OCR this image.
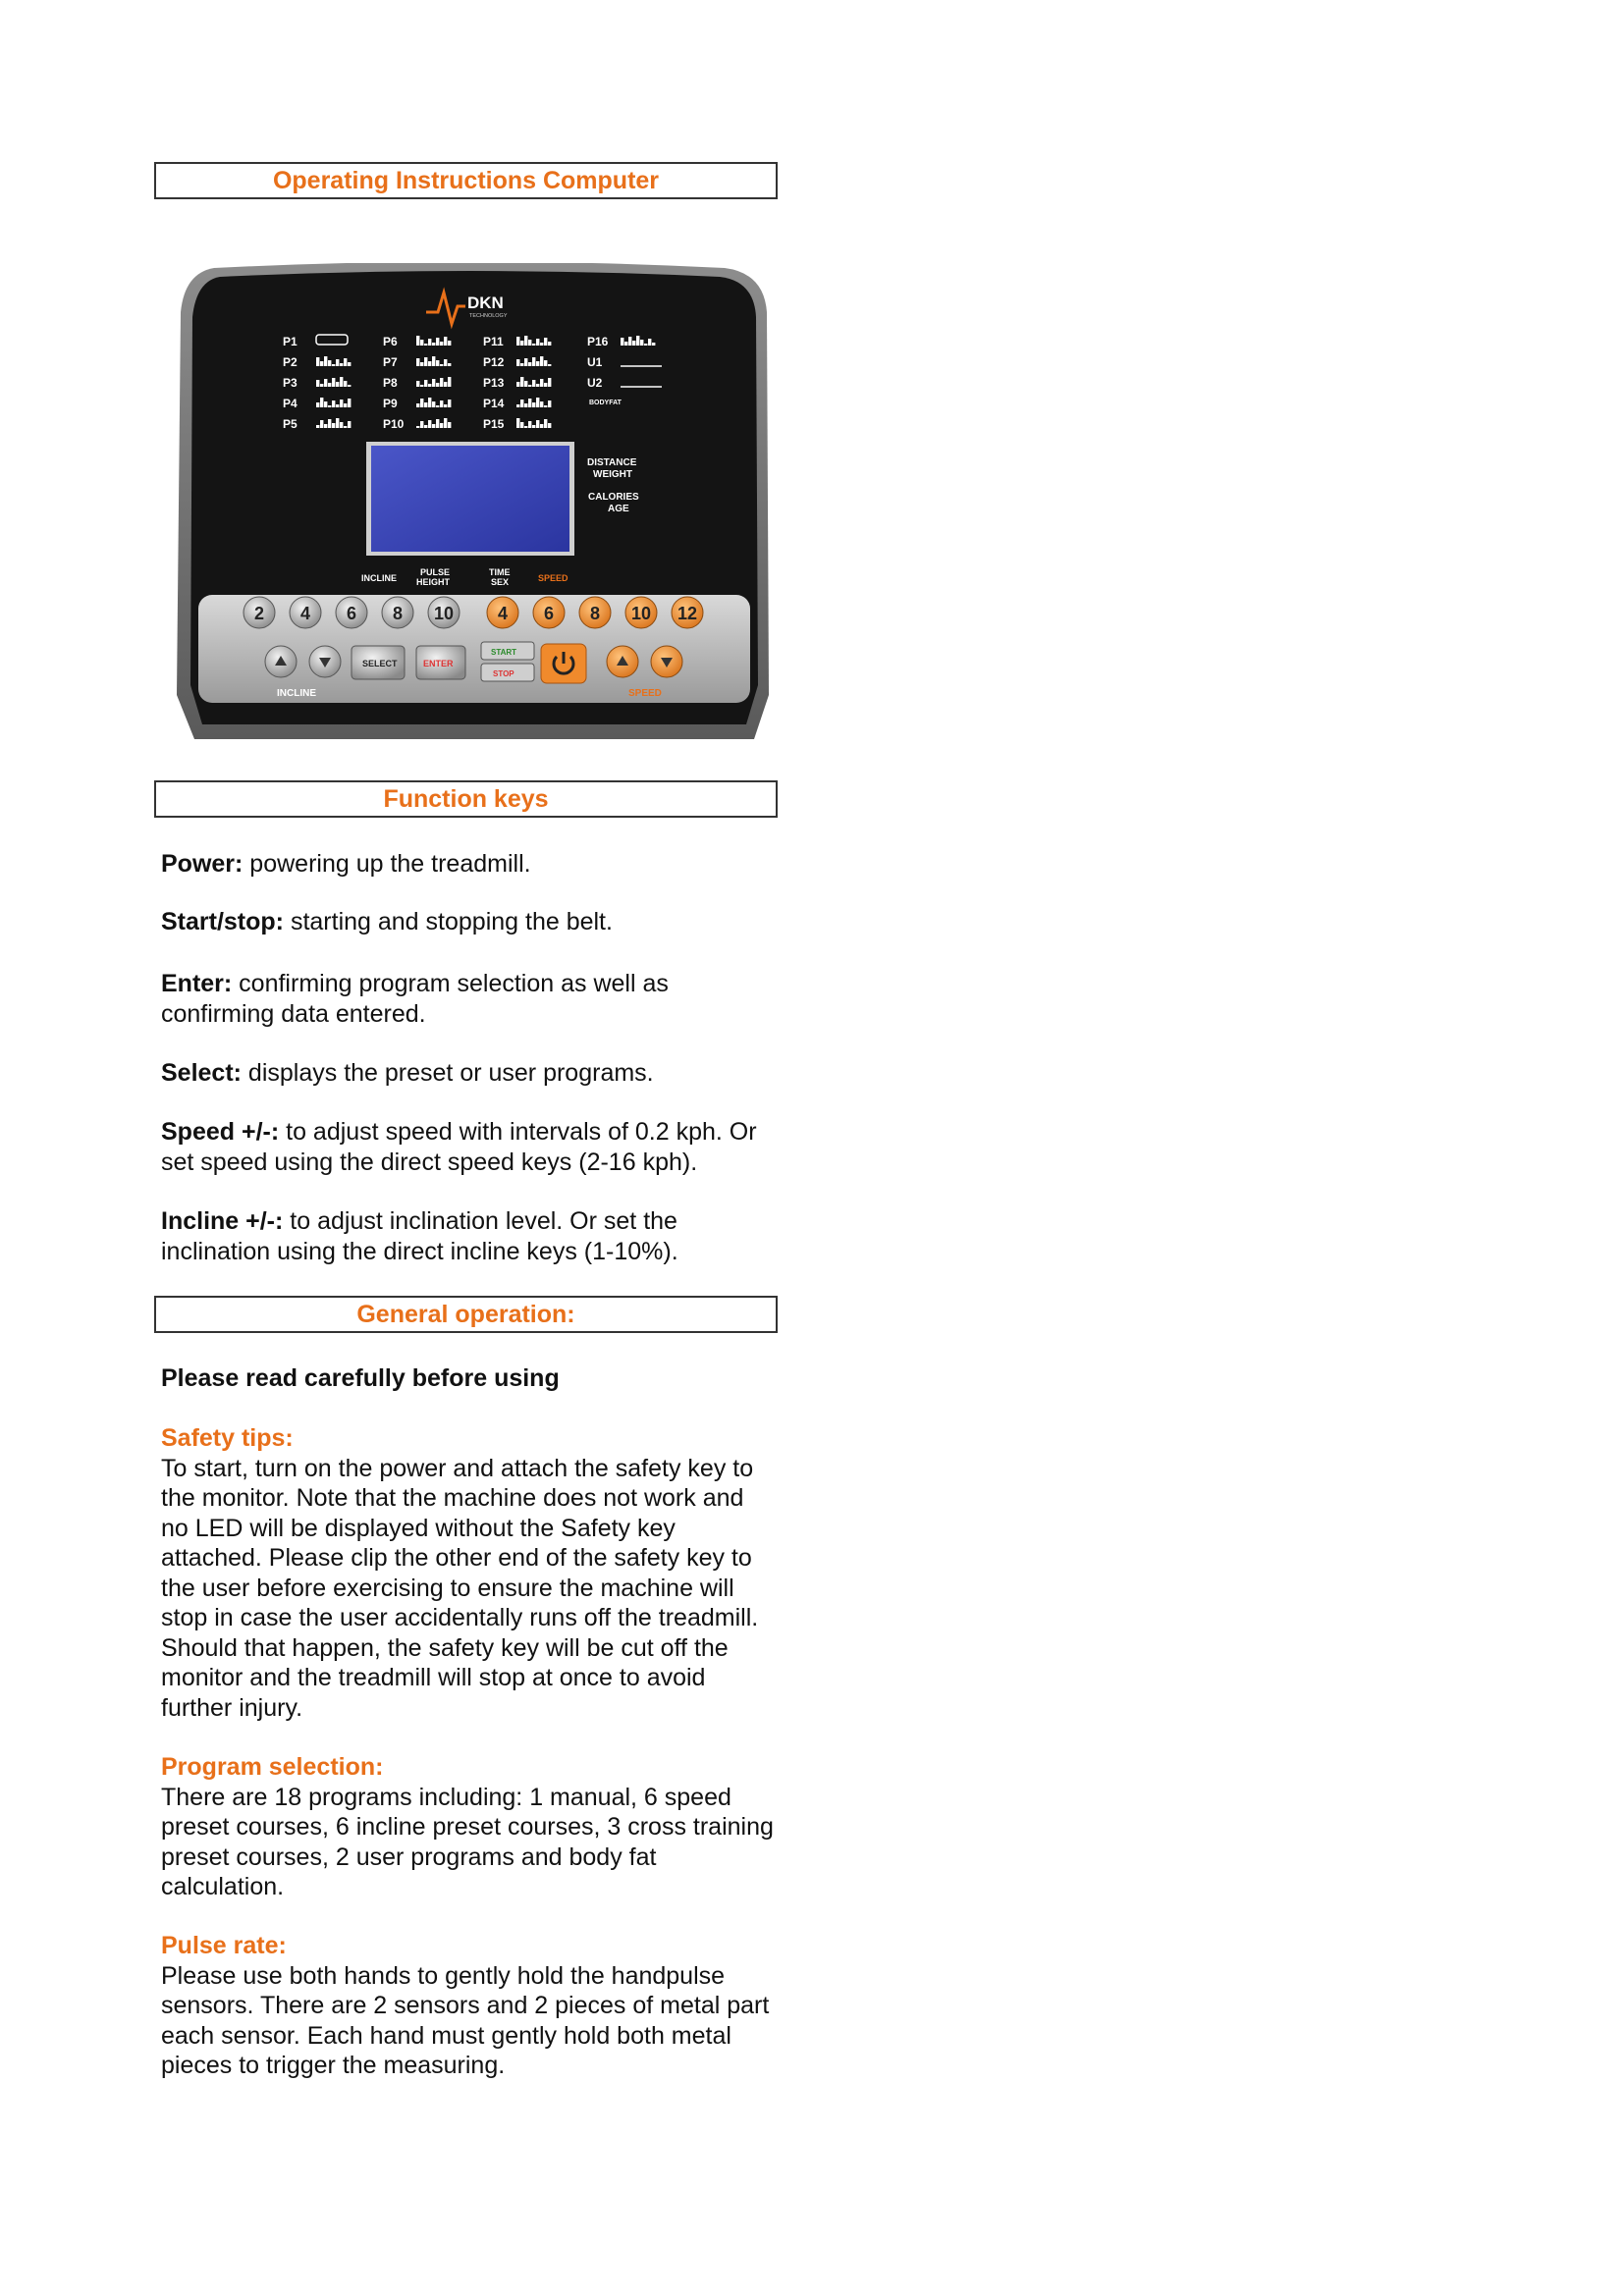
Operating Instructions Computer
DKN
TECHNOLOGY
P1
P2
P3
P4
P5
P6
P7
P8
P9
P10
P11
P12
P13
P14
P15
P16
U1
U2
BODYFAT
DISTANCE
WEIGHT
CALORIES
AGE
INCLINE
PULSE
HEIGHT
TIME
SEX	SPEED
2 4 6 8 10 4 6 8 10 12
SELECT	ENTER
START
STOP
INCLINE	SPEED
Function keys

Power: powering up the treadmill.

Start/stop: starting and stopping the belt.

Enter: confirming program selection as well as confirming data entered.

Select: displays the preset or user programs.

Speed +/-: to adjust speed with intervals of 0.2 kph. Or set speed using the direct speed keys (2-16 kph).

Incline +/-: to adjust inclination level. Or set the inclination using the direct incline keys (1-10%).

General operation:

Please read carefully before using

Safety tips:
To start, turn on the power and attach the safety key to the monitor. Note that the machine does not work and no LED will be displayed without the Safety key attached. Please clip the other end of the safety key to the user before exercising to ensure the machine will stop in case the user accidentally runs off the treadmill. Should that happen, the safety key will be cut off the monitor and the treadmill will stop at once to avoid further injury.

Program selection:
There are 18 programs including: 1 manual, 6 speed preset courses, 6 incline preset courses, 3 cross training preset courses, 2 user programs and body fat calculation.

Pulse rate:
Please use both hands to gently hold the handpulse sensors. There are 2 sensors and 2 pieces of metal part each sensor. Each hand must gently hold both metal pieces to trigger the measuring.
